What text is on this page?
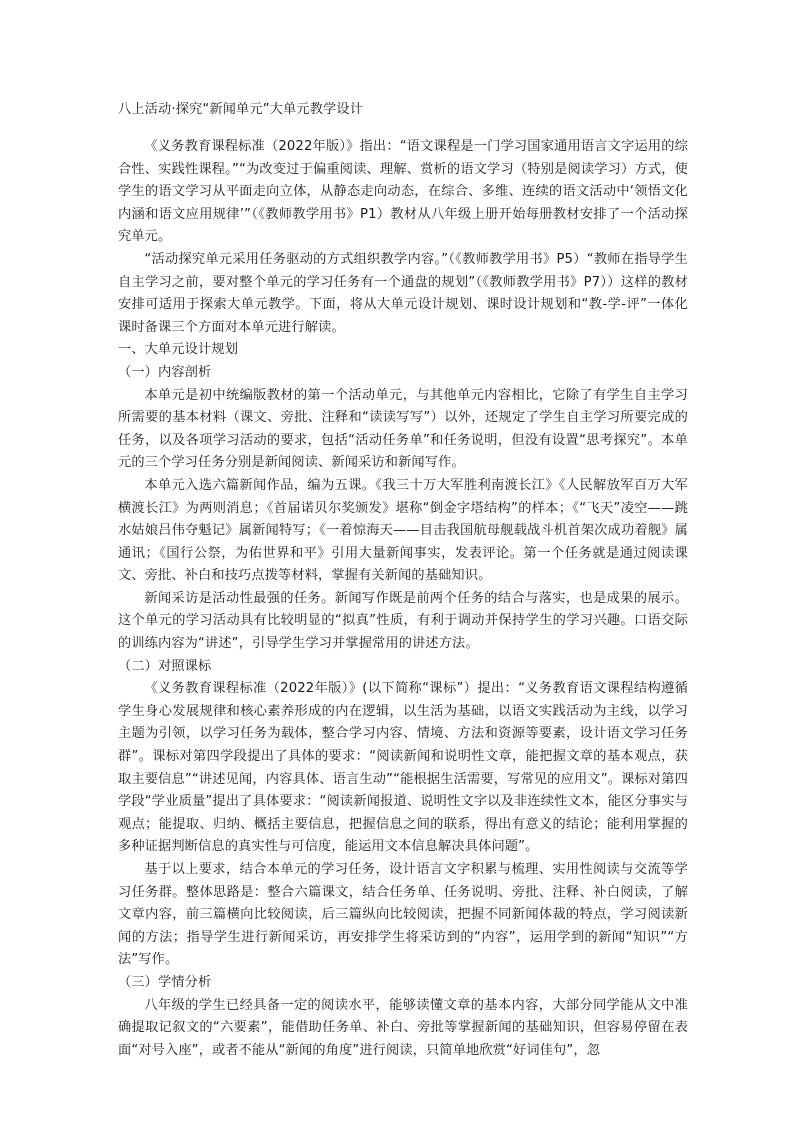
八上活动·探究“新闻单元”大单元教学设计

《义务教育课程标准（2022年版）》指出：“语文课程是一门学习国家通用语言文字运用的综合性、实践性课程。”“为改变过于偏重阅读、理解、赏析的语文学习（特别是阅读学习）方式，使学生的语文学习从平面走向立体，从静态走向动态，在综合、多维、连续的语文活动中‘领悟文化内涵和语文应用规律’”（《教师教学用书》P1）教材从八年级上册开始每册教材安排了一个活动探究单元。

“活动探究单元采用任务驱动的方式组织教学内容。”（《教师教学用书》P5）“教师在指导学生自主学习之前，要对整个单元的学习任务有一个通盘的规划”（《教师教学用书》P7））这样的教材安排可适用于探索大单元教学。下面，将从大单元设计规划、课时设计规划和“教-学-评”一体化课时备课三个方面对本单元进行解读。

一、大单元设计规划

（一）内容剖析

本单元是初中统编版教材的第一个活动单元，与其他单元内容相比，它除了有学生自主学习所需要的基本材料（课文、旁批、注释和“读读写写”）以外，还规定了学生自主学习所要完成的任务，以及各项学习活动的要求，包括“活动任务单”和任务说明，但没有设置“思考探究”。本单元的三个学习任务分别是新闻阅读、新闻采访和新闻写作。

本单元入选六篇新闻作品，编为五课。《我三十万大军胜利南渡长江》《人民解放军百万大军横渡长江》为两则消息；《首届诺贝尔奖颁发》堪称“倒金字塔结构”的样本；《“飞天”凌空——跳水姑娘吕伟夺魁记》属新闻特写；《一着惊海天——目击我国航母舰载战斗机首架次成功着舰》属通讯；《国行公祭，为佑世界和平》引用大量新闻事实，发表评论。第一个任务就是通过阅读课文、旁批、补白和技巧点拨等材料，掌握有关新闻的基础知识。

新闻采访是活动性最强的任务。新闻写作既是前两个任务的结合与落实，也是成果的展示。这个单元的学习活动具有比较明显的“拟真”性质，有利于调动并保持学生的学习兴趣。口语交际的训练内容为“讲述”，引导学生学习并掌握常用的讲述方法。

（二）对照课标

《义务教育课程标准（2022年版）》(以下简称“课标”）提出：“义务教育语文课程结构遵循学生身心发展规律和核心素养形成的内在逻辑，以生活为基础，以语文实践活动为主线，以学习主题为引领，以学习任务为载体，整合学习内容、情境、方法和资源等要素，设计语文学习任务群”。课标对第四学段提出了具体的要求：“阅读新闻和说明性文章，能把握文章的基本观点，获取主要信息”“讲述见闻，内容具体、语言生动”“能根据生活需要，写常见的应用文”。课标对第四学段“学业质量”提出了具体要求：“阅读新闻报道、说明性文字以及非连续性文本，能区分事实与观点；能提取、归纳、概括主要信息，把握信息之间的联系，得出有意义的结论；能利用掌握的多种证据判断信息的真实性与可信度，能运用文本信息解决具体问题”。

基于以上要求，结合本单元的学习任务，设计语言文字积累与梳理、实用性阅读与交流等学习任务群。整体思路是：整合六篇课文，结合任务单、任务说明、旁批、注释、补白阅读，了解文章内容，前三篇横向比较阅读，后三篇纵向比较阅读，把握不同新闻体裁的特点，学习阅读新闻的方法；指导学生进行新闻采访，再安排学生将采访到的“内容”，运用学到的新闻“知识”“方法”写作。

（三）学情分析

八年级的学生已经具备一定的阅读水平，能够读懂文章的基本内容，大部分同学能从文中准确提取记叙文的“六要素”，能借助任务单、补白、旁批等掌握新闻的基础知识，但容易停留在表面“对号入座”，或者不能从“新闻的角度”进行阅读，只简单地欣赏“好词佳句”，忽
